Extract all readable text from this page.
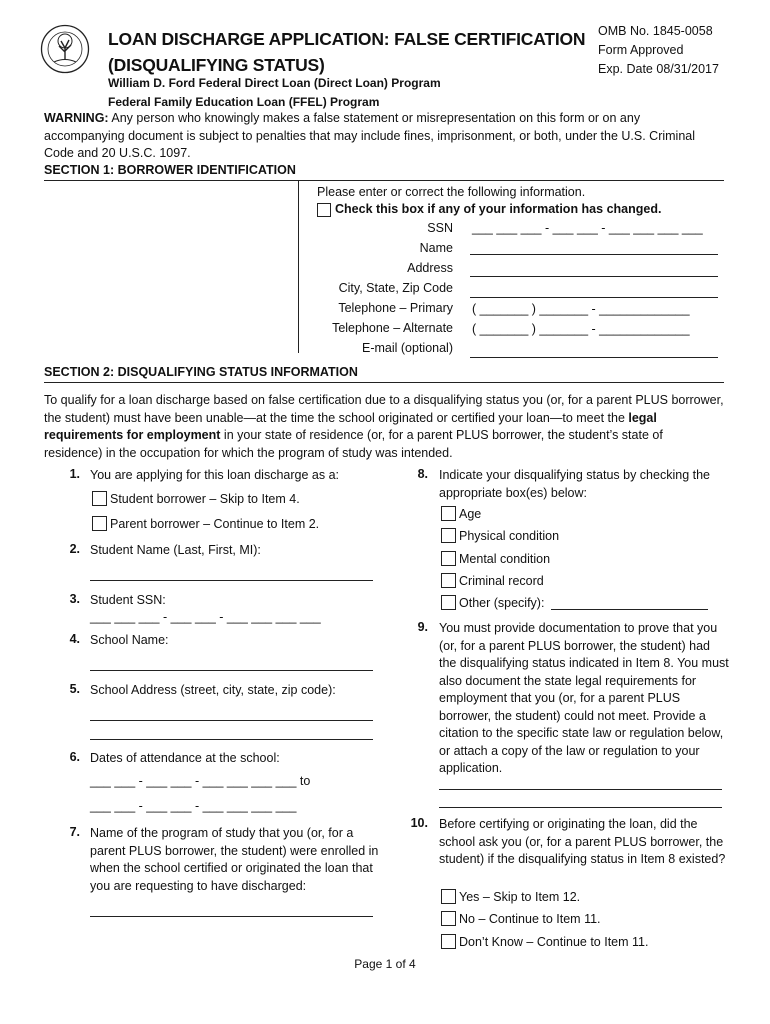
LOAN DISCHARGE APPLICATION: FALSE CERTIFICATION
(DISQUALIFYING STATUS)
OMB No. 1845-0058
Form Approved
Exp. Date 08/31/2017
William D. Ford Federal Direct Loan (Direct Loan) Program
Federal Family Education Loan (FFEL) Program
WARNING: Any person who knowingly makes a false statement or misrepresentation on this form or on any accompanying document is subject to penalties that may include fines, imprisonment, or both, under the U.S. Criminal Code and 20 U.S.C. 1097.
SECTION 1: BORROWER IDENTIFICATION
Please enter or correct the following information.
Check this box if any of your information has changed.
SSN ___ ___ ___ - ___ ___ - ___ ___ ___ ___
Name
Address
City, State, Zip Code
Telephone – Primary ( _______ ) _______ - _____________
Telephone – Alternate ( _______ ) _______ - _____________
E-mail (optional)
SECTION 2: DISQUALIFYING STATUS INFORMATION
To qualify for a loan discharge based on false certification due to a disqualifying status you (or, for a parent PLUS borrower, the student) must have been unable—at the time the school originated or certified your loan—to meet the legal requirements for employment in your state of residence (or, for a parent PLUS borrower, the student’s state of residence) in the occupation for which the program of study was intended.
1. You are applying for this loan discharge as a:
Student borrower – Skip to Item 4.
Parent borrower – Continue to Item 2.
2. Student Name (Last, First, MI):
3. Student SSN:
___ ___ ___ - ___ ___ - ___ ___ ___ ___
4. School Name:
5. School Address (street, city, state, zip code):
6. Dates of attendance at the school:
___ ___ - ___ ___ - ___ ___ ___ ___ to
___ ___ - ___ ___ - ___ ___ ___ ___
7. Name of the program of study that you (or, for a parent PLUS borrower, the student) were enrolled in when the school certified or originated the loan that you are requesting to have discharged:
8. Indicate your disqualifying status by checking the appropriate box(es) below:
Age
Physical condition
Mental condition
Criminal record
Other (specify):
9. You must provide documentation to prove that you (or, for a parent PLUS borrower, the student) had the disqualifying status indicated in Item 8. You must also document the state legal requirements for employment that you (or, for a parent PLUS borrower, the student) could not meet. Provide a citation to the specific state law or regulation below, or attach a copy of the law or regulation to your application.
10. Before certifying or originating the loan, did the school ask you (or, for a parent PLUS borrower, the student) if the disqualifying status in Item 8 existed?
Yes – Skip to Item 12.
No – Continue to Item 11.
Don’t Know – Continue to Item 11.
Page 1 of 4
